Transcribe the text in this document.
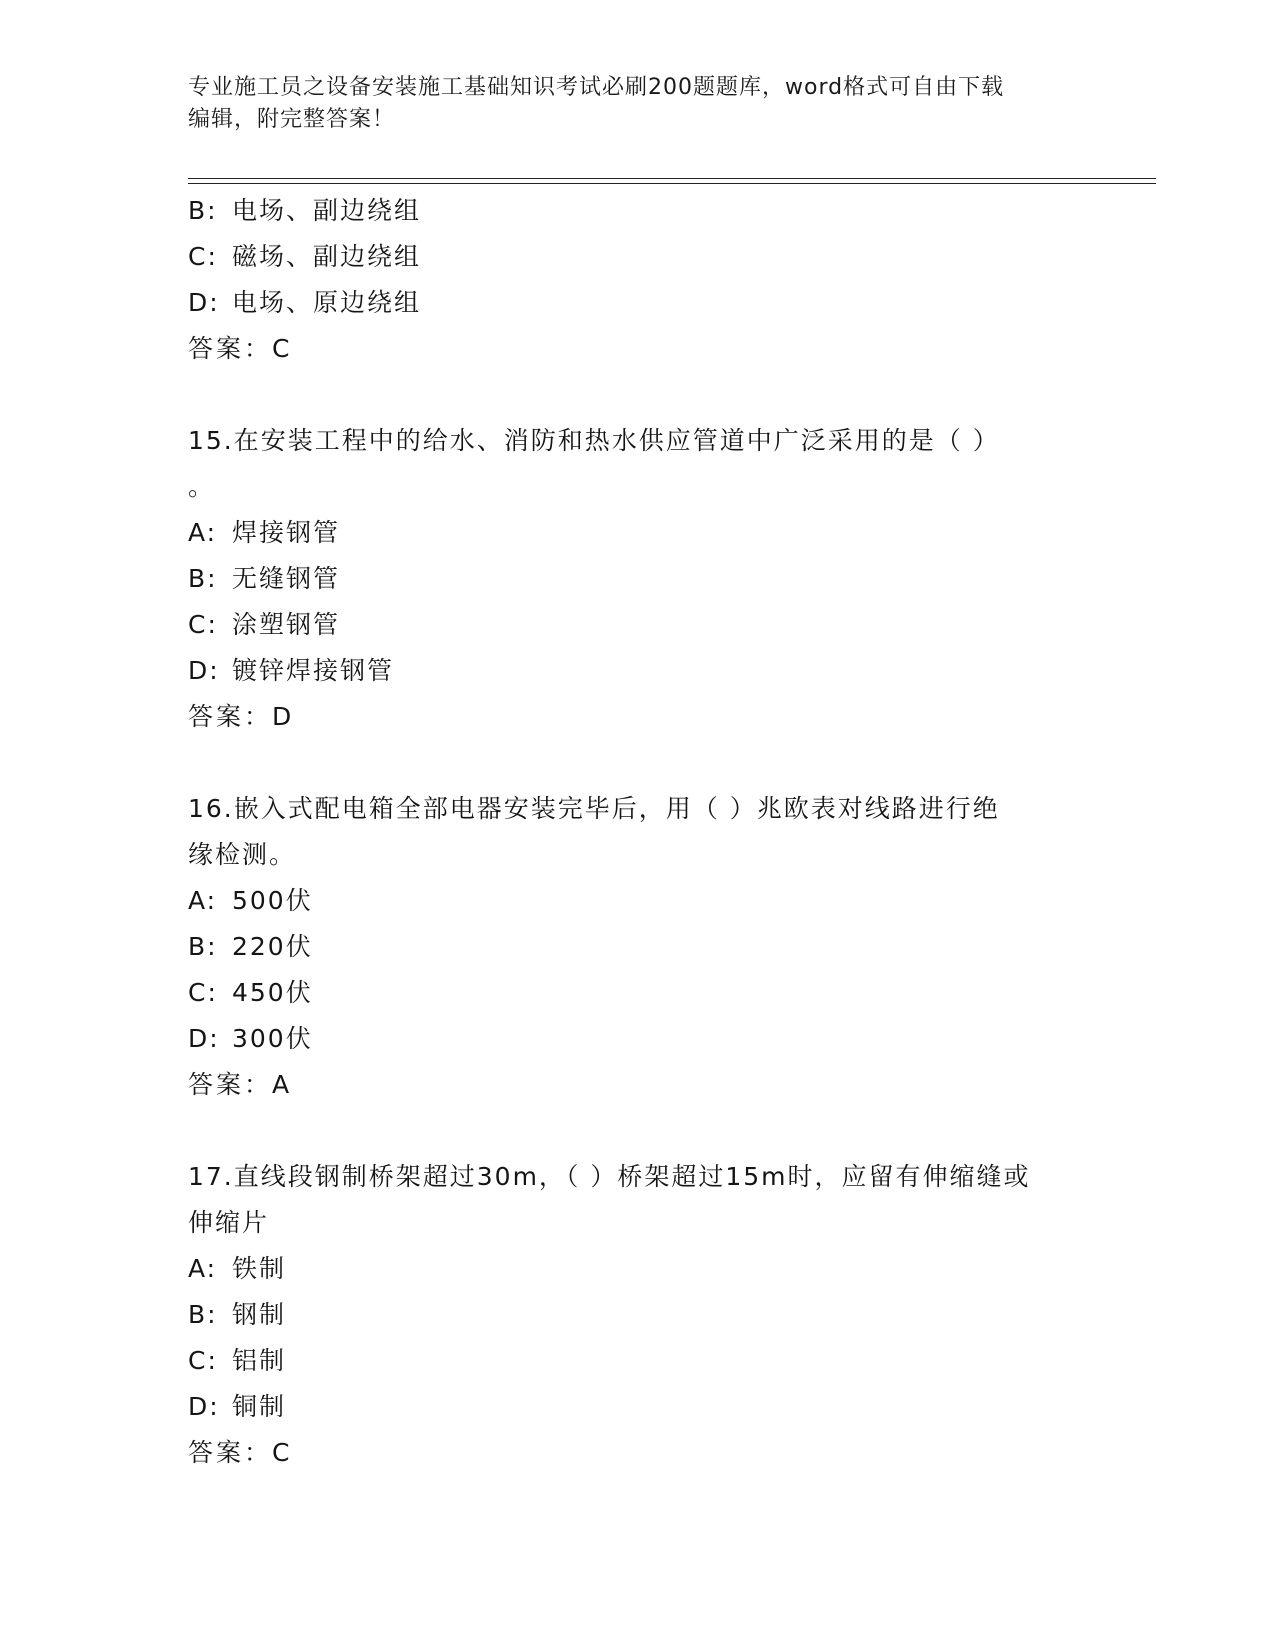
专业施工员之设备安装施工基础知识考试必刷200题题库，word格式可自由下载
编辑，附完整答案！
B: 电场、副边绕组
C: 磁场、副边绕组
D: 电场、原边绕组
答案：C
15.在安装工程中的给水、消防和热水供应管道中广泛采用的是（ ）
。
A: 焊接钢管
B: 无缝钢管
C: 涂塑钢管
D: 镀锌焊接钢管
答案：D
16.嵌入式配电箱全部电器安装完毕后，用（ ）兆欧表对线路进行绝
缘检测。
A: 500伏
B: 220伏
C: 450伏
D: 300伏
答案：A
17.直线段钢制桥架超过30m，（ ）桥架超过15m时，应留有伸缩缝或
伸缩片
A: 铁制
B: 钢制
C: 铝制
D: 铜制
答案：C
